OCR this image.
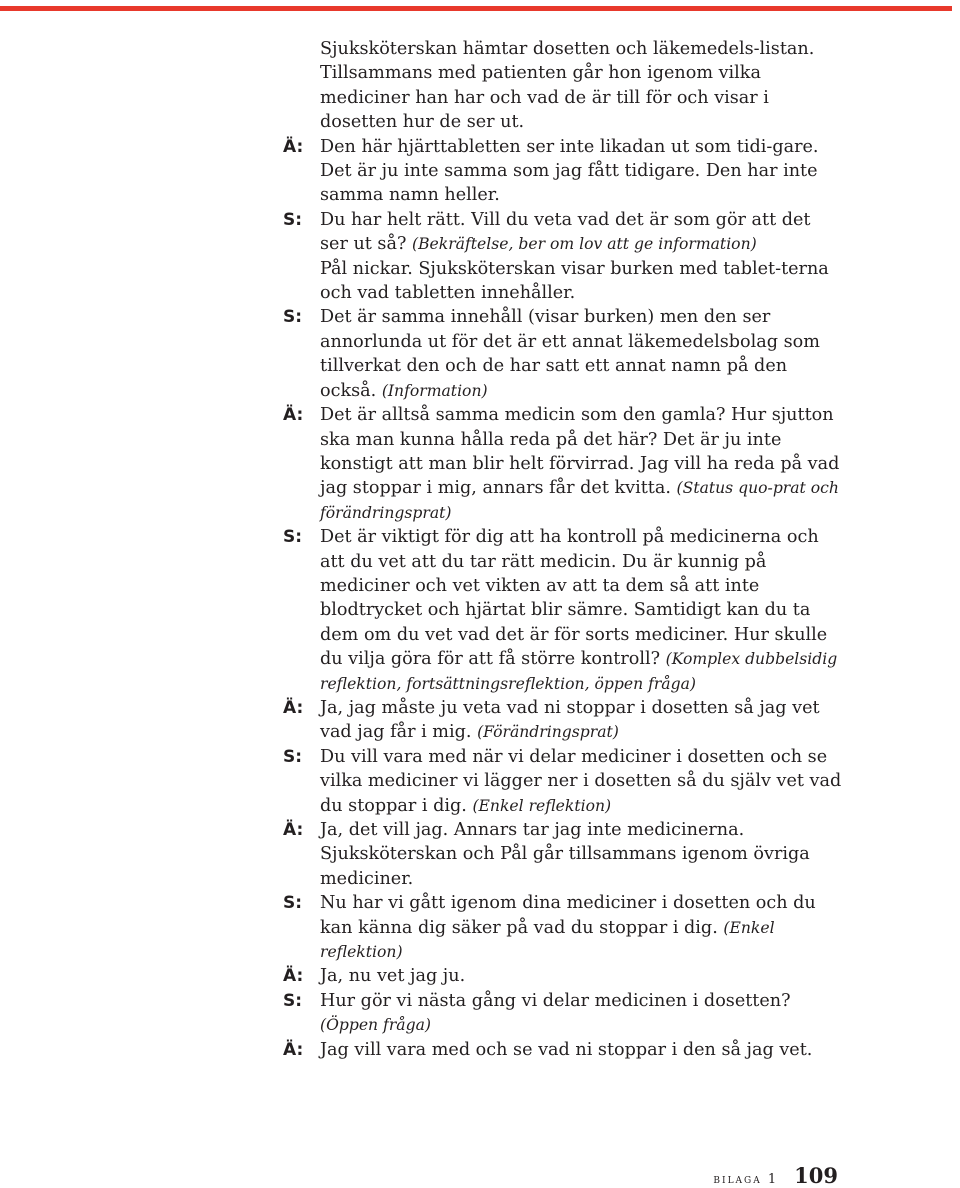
Sjuksköterskan hämtar dosetten och läkemedels-listan. Tillsammans med patienten går hon igenom vilka mediciner han har och vad de är till för och visar i dosetten hur de ser ut.

Ä: Den här hjärttabletten ser inte likadan ut som tidi-gare. Det är ju inte samma som jag fått tidigare. Den har inte samma namn heller.

S: Du har helt rätt. Vill du veta vad det är som gör att det ser ut så? (Bekräftelse, ber om lov att ge information)

Pål nickar. Sjuksköterskan visar burken med tablet-terna och vad tabletten innehåller.

S: Det är samma innehåll (visar burken) men den ser annorlunda ut för det är ett annat läkemedelsbolag som tillverkat den och de har satt ett annat namn på den också. (Information)

Ä: Det är alltså samma medicin som den gamla? Hur sjutton ska man kunna hålla reda på det här? Det är ju inte konstigt att man blir helt förvirrad. Jag vill ha reda på vad jag stoppar i mig, annars får det kvitta. (Status quo-prat och förändringsprat)

S: Det är viktigt för dig att ha kontroll på medicinerna och att du vet att du tar rätt medicin. Du är kunnig på mediciner och vet vikten av att ta dem så att inte blodtrycket och hjärtat blir sämre. Samtidigt kan du ta dem om du vet vad det är för sorts mediciner. Hur skulle du vilja göra för att få större kontroll? (Komplex dubbelsidig reflektion, fortsättningsreflektion, öppen fråga)

Ä: Ja, jag måste ju veta vad ni stoppar i dosetten så jag vet vad jag får i mig. (Förändringsprat)

S: Du vill vara med när vi delar mediciner i dosetten och se vilka mediciner vi lägger ner i dosetten så du själv vet vad du stoppar i dig. (Enkel reflektion)

Ä: Ja, det vill jag. Annars tar jag inte medicinerna.

Sjuksköterskan och Pål går tillsammans igenom övriga mediciner.

S: Nu har vi gått igenom dina mediciner i dosetten och du kan känna dig säker på vad du stoppar i dig. (Enkel reflektion)

Ä: Ja, nu vet jag ju.

S: Hur gör vi nästa gång vi delar medicinen i dosetten? (Öppen fråga)

Ä: Jag vill vara med och se vad ni stoppar i den så jag vet.

bilaga 1 109
